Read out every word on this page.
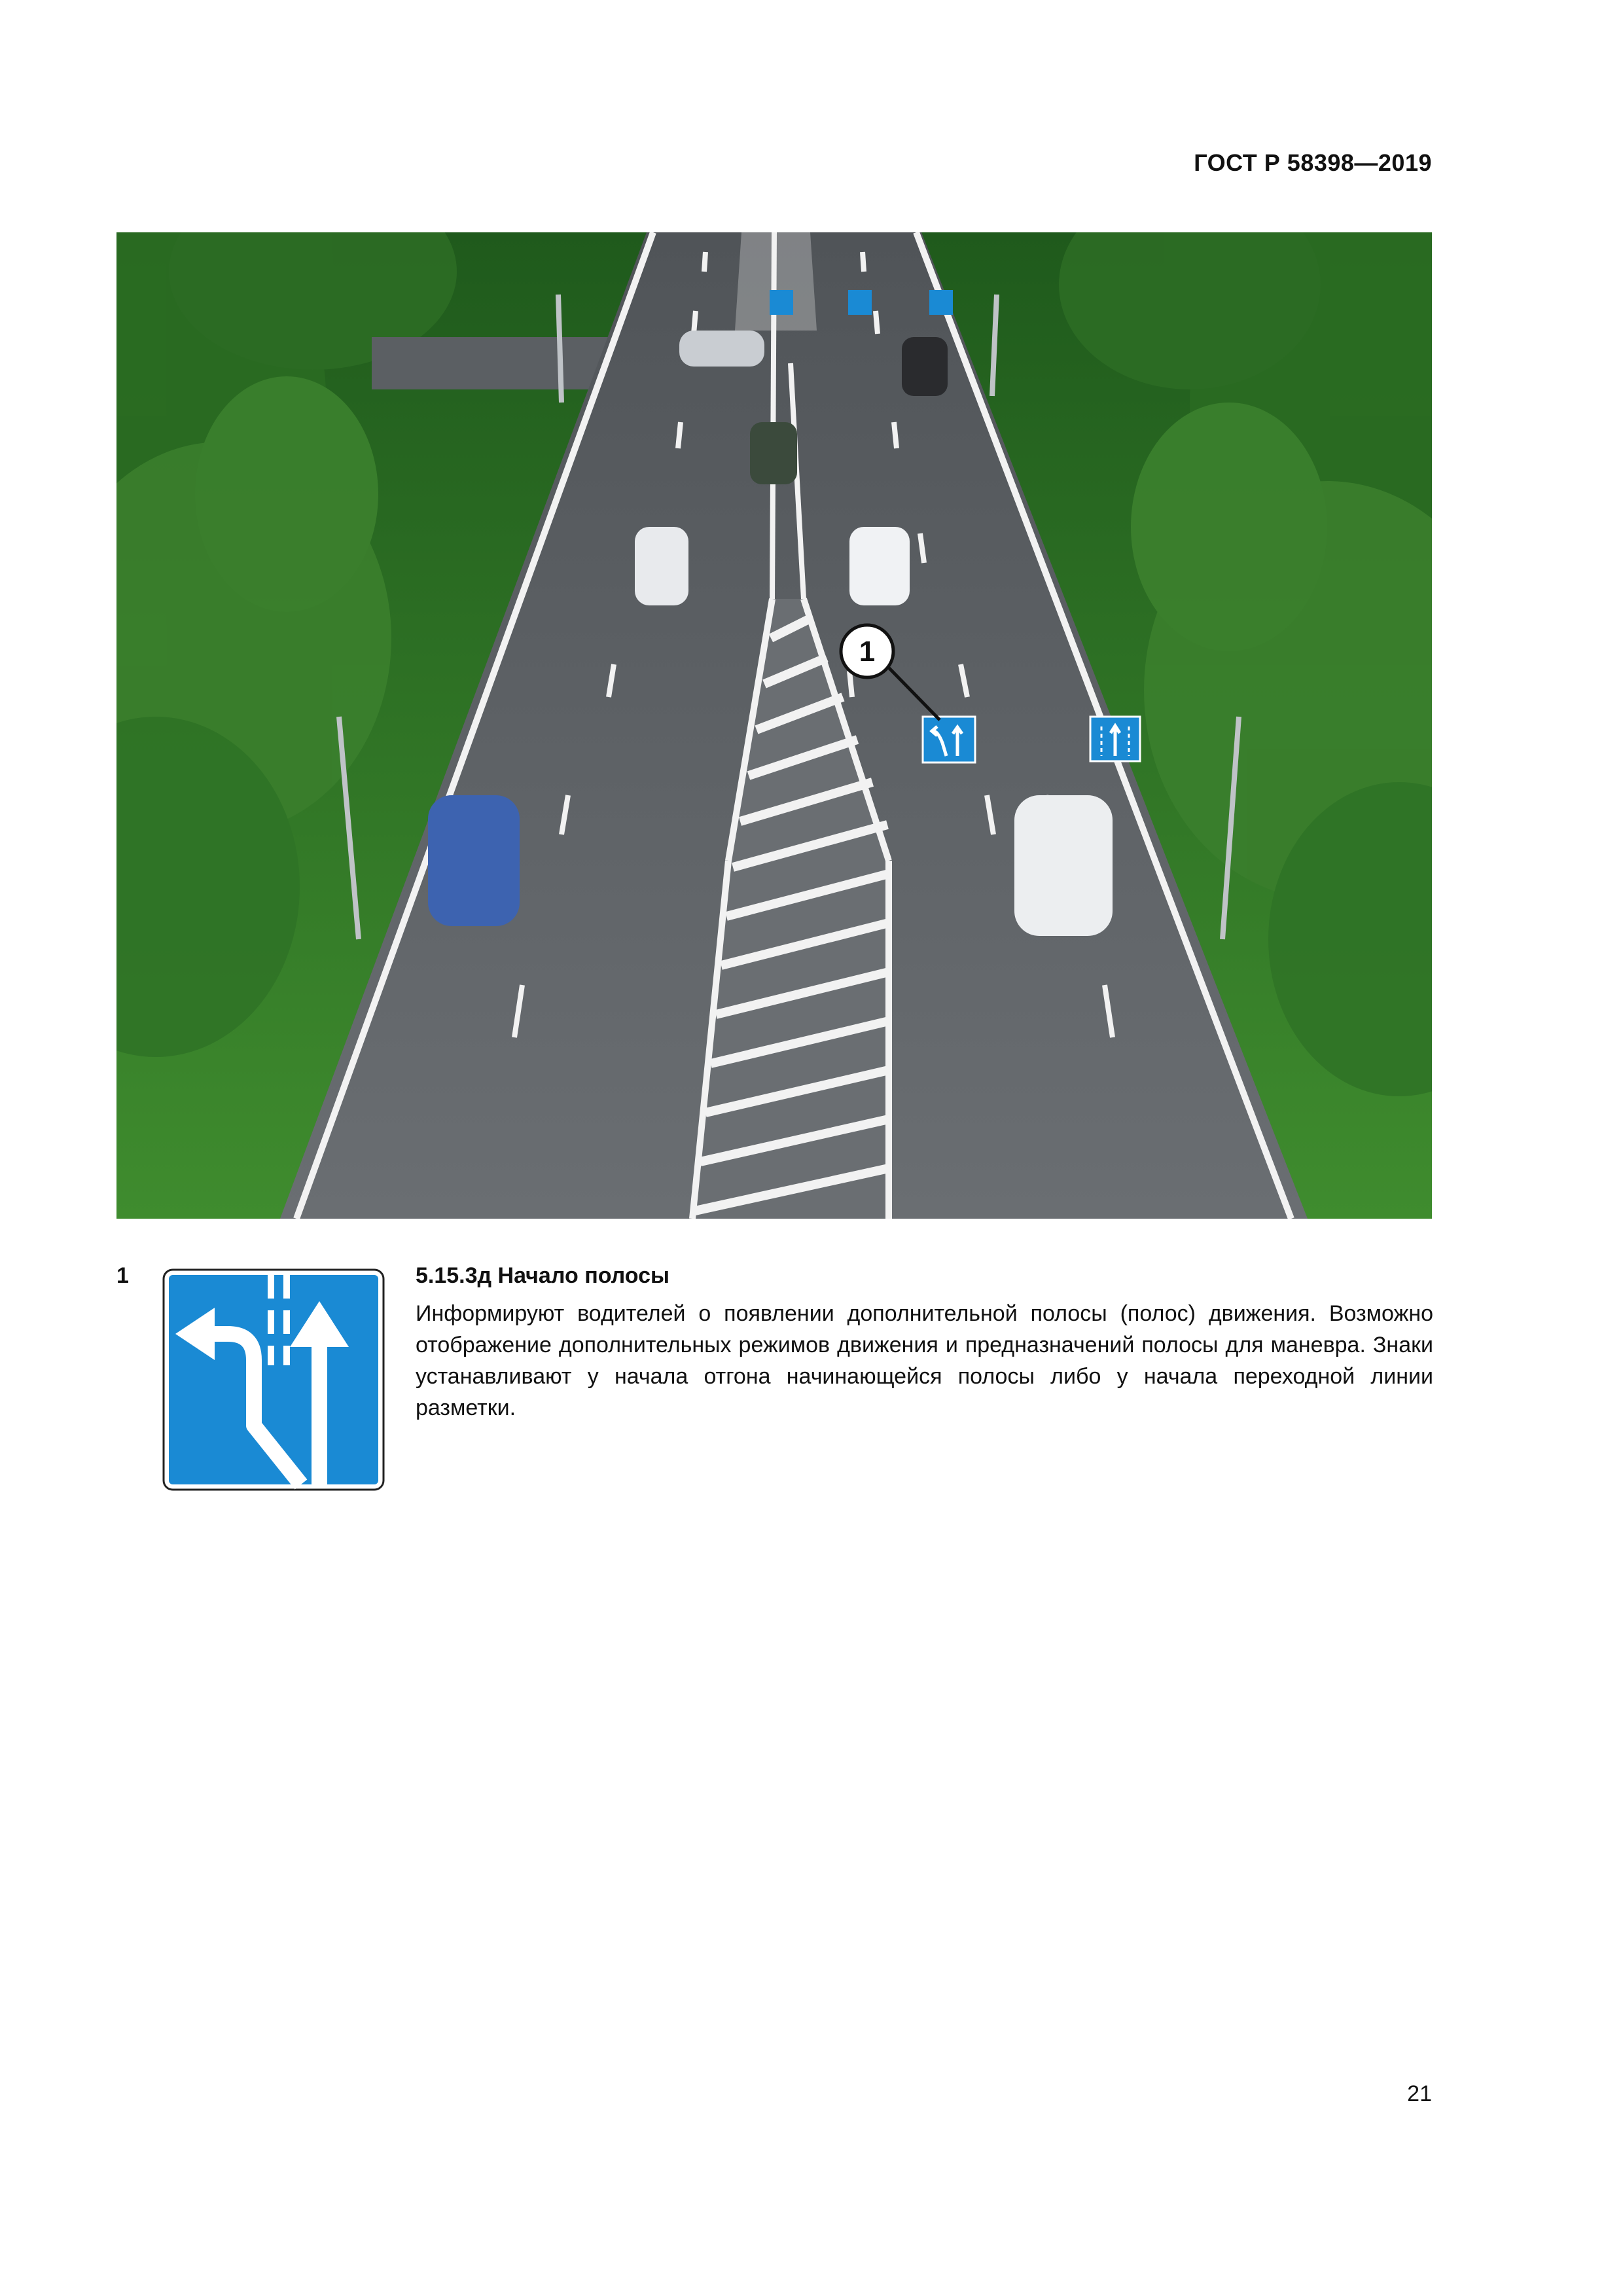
ГОСТ Р 58398—2019
1
1	5.15.3д Начало полосы

Информируют водителей о появлении дополнительной полосы (полос) движения. Возможно отображение дополнительных режимов движения и предназначений полосы для маневра. Знаки устанавливают у начала отгона начинающейся полосы либо у начала переходной линии разметки.

21
